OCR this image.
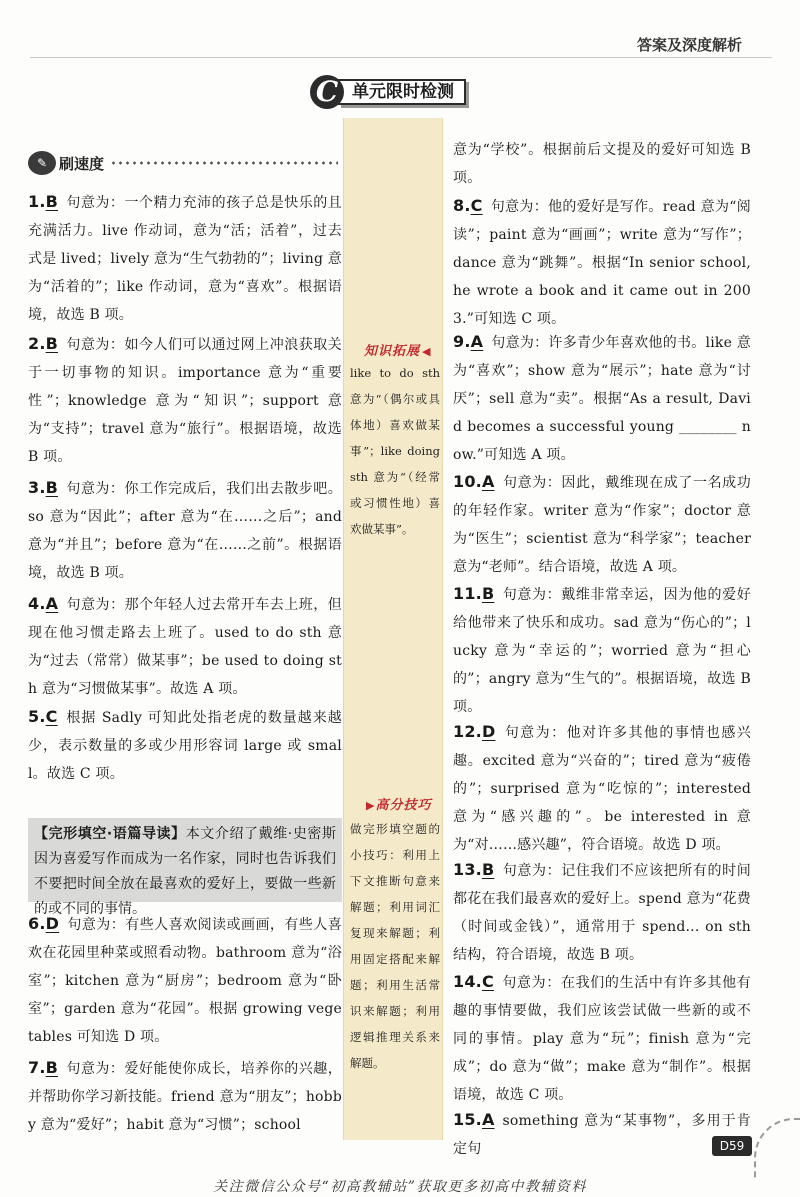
答案及深度解析
C 单元限时检测
✎ 刷速度
1.B 句意为：一个精力充沛的孩子总是快乐的且充满活力。live 作动词，意为“活；活着”，过去式是 lived；lively 意为“生气勃勃的”；living 意为“活着的”；like 作动词，意为“喜欢”。根据语境，故选 B 项。
2.B 句意为：如今人们可以通过网上冲浪获取关于一切事物的知识。importance 意为“重要性”；knowledge 意为“知识”；support 意为“支持”；travel 意为“旅行”。根据语境，故选 B 项。
3.B 句意为：你工作完成后，我们出去散步吧。so 意为“因此”；after 意为“在……之后”；and 意为“并且”；before 意为“在……之前”。根据语境，故选 B 项。
4.A 句意为：那个年轻人过去常开车去上班，但现在他习惯走路去上班了。used to do sth 意为“过去（常常）做某事”；be used to doing sth 意为“习惯做某事”。故选 A 项。
5.C 根据 Sadly 可知此处指老虎的数量越来越少，表示数量的多或少用形容词 large 或 small。故选 C 项。
6.D 句意为：有些人喜欢阅读或画画，有些人喜欢在花园里种菜或照看动物。bathroom 意为“浴室”；kitchen 意为“厨房”；bedroom 意为“卧室”；garden 意为“花园”。根据 growing vegetables 可知选 D 项。
7.B 句意为：爱好能使你成长，培养你的兴趣，并帮助你学习新技能。friend 意为“朋友”；hobby 意为“爱好”；habit 意为“习惯”；school
【完形填空·语篇导读】本文介绍了戴维·史密斯因为喜爱写作而成为一名作家，同时也告诉我们不要把时间全放在最喜欢的爱好上，要做一些新的或不同的事情。
知识拓展 ◀
like to do sth 意为“（偶尔或具体地）喜欢做某事”；like doing sth 意为“（经常或习惯性地）喜欢做某事”。
▶高分技巧
做完形填空题的小技巧：利用上下文推断句意来解题；利用词汇复现来解题；利用固定搭配来解题；利用生活常识来解题；利用逻辑推理关系来解题。
意为“学校”。根据前后文提及的爱好可知选 B 项。
8.C 句意为：他的爱好是写作。read 意为“阅读”；paint 意为“画画”；write 意为“写作”；dance 意为“跳舞”。根据“In senior school, he wrote a book and it came out in 2003.”可知选 C 项。
9.A 句意为：许多青少年喜欢他的书。like 意为“喜欢”；show 意为“展示”；hate 意为“讨厌”；sell 意为“卖”。根据“As a result, David becomes a successful young ________ now.”可知选 A 项。
10.A 句意为：因此，戴维现在成了一名成功的年轻作家。writer 意为“作家”；doctor 意为“医生”；scientist 意为“科学家”；teacher 意为“老师”。结合语境，故选 A 项。
11.B 句意为：戴维非常幸运，因为他的爱好给他带来了快乐和成功。sad 意为“伤心的”；lucky 意为“幸运的”；worried 意为“担心的”；angry 意为“生气的”。根据语境，故选 B 项。
12.D 句意为：他对许多其他的事情也感兴趣。excited 意为“兴奋的”；tired 意为“疲倦的”；surprised 意为“吃惊的”；interested 意为“感兴趣的”。be interested in 意为“对……感兴趣”，符合语境。故选 D 项。
13.B 句意为：记住我们不应该把所有的时间都花在我们最喜欢的爱好上。spend 意为“花费（时间或金钱）”，通常用于 spend... on sth 结构，符合语境，故选 B 项。
14.C 句意为：在我们的生活中有许多其他有趣的事情要做，我们应该尝试做一些新的或不同的事情。play 意为“玩”；finish 意为“完成”；do 意为“做”；make 意为“制作”。根据语境，故选 C 项。
15.A something 意为“某事物”，多用于肯定句	D59
关注微信公众号“初高教辅站”获取更多初高中教辅资料
